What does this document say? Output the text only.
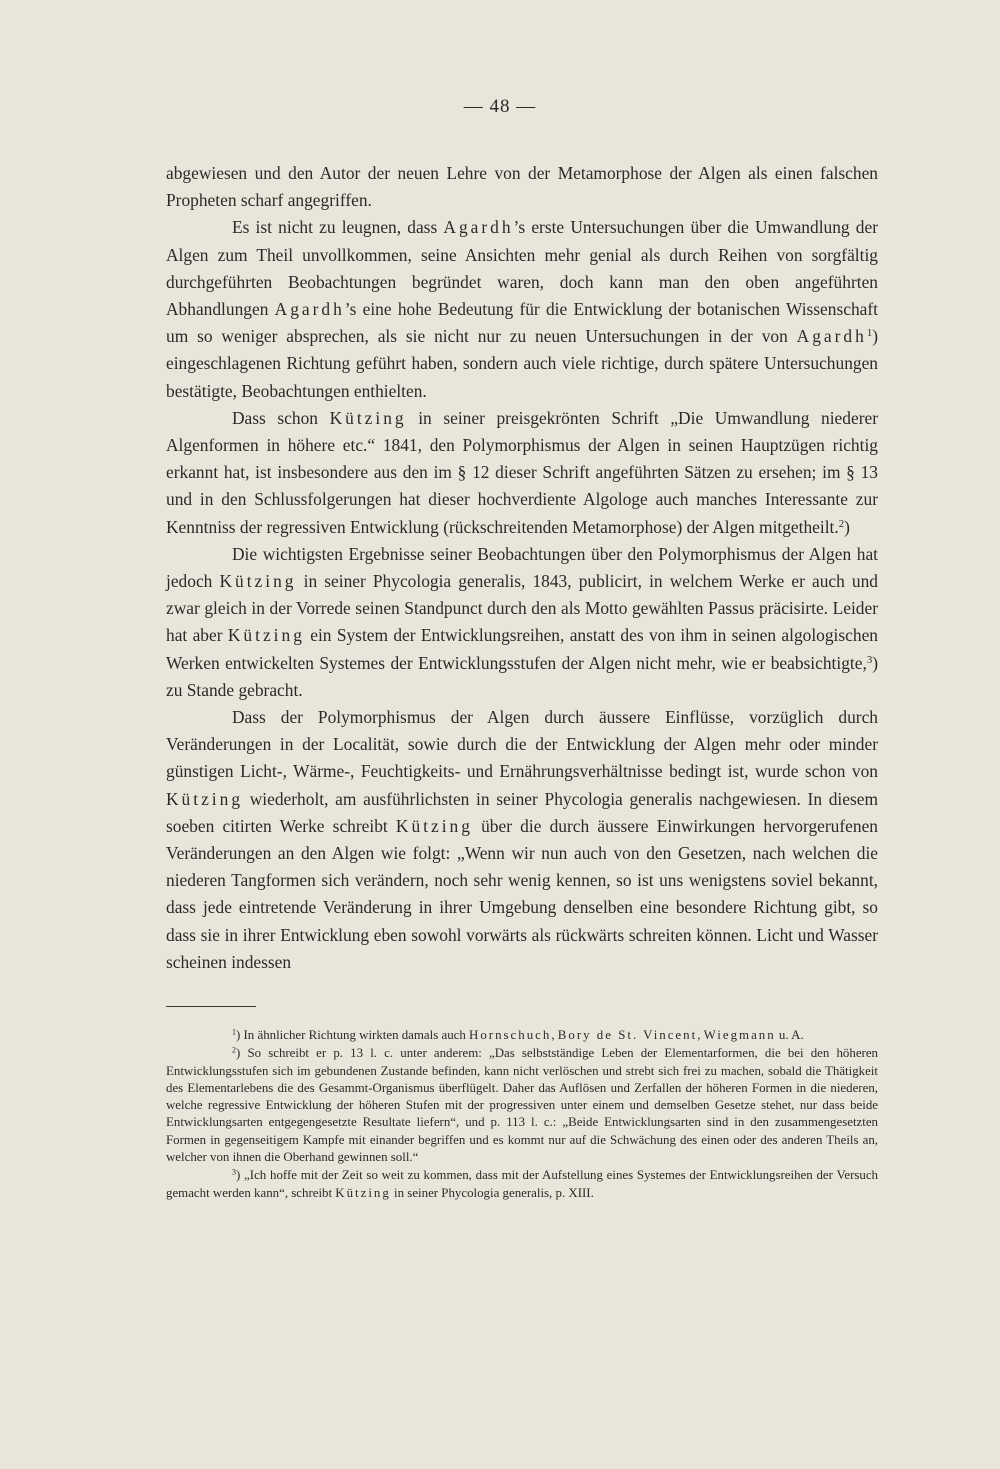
— 48 —

abgewiesen und den Autor der neuen Lehre von der Metamorphose der Algen als einen falschen Propheten scharf angegriffen.

Es ist nicht zu leugnen, dass Agardh’s erste Untersuchungen über die Umwandlung der Algen zum Theil unvollkommen, seine Ansichten mehr genial als durch Reihen von sorgfältig durchgeführten Beobachtungen begründet waren, doch kann man den oben angeführten Abhandlungen Agardh’s eine hohe Bedeutung für die Entwicklung der botanischen Wissenschaft um so weniger absprechen, als sie nicht nur zu neuen Untersuchungen in der von Agardh$^1$) eingeschlagenen Richtung geführt haben, sondern auch viele richtige, durch spätere Untersuchungen bestätigte, Beobachtungen enthielten.

Dass schon Kützing in seiner preisgekrönten Schrift „Die Umwandlung niederer Algenformen in höhere etc.“ 1841, den Polymorphismus der Algen in seinen Hauptzügen richtig erkannt hat, ist insbesondere aus den im § 12 dieser Schrift angeführten Sätzen zu ersehen; im § 13 und in den Schlussfolgerungen hat dieser hochverdiente Algologe auch manches Interessante zur Kenntniss der regressiven Entwicklung (rückschreitenden Metamorphose) der Algen mitgetheilt.$^2$)

Die wichtigsten Ergebnisse seiner Beobachtungen über den Polymorphismus der Algen hat jedoch Kützing in seiner Phycologia generalis, 1843, publicirt, in welchem Werke er auch und zwar gleich in der Vorrede seinen Standpunct durch den als Motto gewählten Passus präcisirte. Leider hat aber Kützing ein System der Entwicklungsreihen, anstatt des von ihm in seinen algologischen Werken entwickelten Systemes der Entwicklungsstufen der Algen nicht mehr, wie er beabsichtigte,$^3$) zu Stande gebracht.

Dass der Polymorphismus der Algen durch äussere Einflüsse, vorzüglich durch Veränderungen in der Localität, sowie durch die der Entwicklung der Algen mehr oder minder günstigen Licht-, Wärme-, Feuchtigkeits- und Ernährungsverhältnisse bedingt ist, wurde schon von Kützing wiederholt, am ausführlichsten in seiner Phycologia generalis nachgewiesen. In diesem soeben citirten Werke schreibt Kützing über die durch äussere Einwirkungen hervorgerufenen Veränderungen an den Algen wie folgt: „Wenn wir nun auch von den Gesetzen, nach welchen die niederen Tangformen sich verändern, noch sehr wenig kennen, so ist uns wenigstens soviel bekannt, dass jede eintretende Veränderung in ihrer Umgebung denselben eine besondere Richtung gibt, so dass sie in ihrer Entwicklung eben sowohl vorwärts als rückwärts schreiten können. Licht und Wasser scheinen indessen

$^1$) In ähnlicher Richtung wirkten damals auch Hornschuch, Bory de St. Vincent, Wiegmann u. A.

$^2$) So schreibt er p. 13 l. c. unter anderem: „Das selbstständige Leben der Elementarformen, die bei den höheren Entwicklungsstufen sich im gebundenen Zustande befinden, kann nicht verlöschen und strebt sich frei zu machen, sobald die Thätigkeit des Elementarlebens die des Gesammt-Organismus überflügelt. Daher das Auflösen und Zerfallen der höheren Formen in die niederen, welche regressive Entwicklung der höheren Stufen mit der progressiven unter einem und demselben Gesetze stehet, nur dass beide Entwicklungsarten entgegengesetzte Resultate liefern“, und p. 113 l. c.: „Beide Entwicklungsarten sind in den zusammengesetzten Formen in gegenseitigem Kampfe mit einander begriffen und es kommt nur auf die Schwächung des einen oder des anderen Theils an, welcher von ihnen die Oberhand gewinnen soll.“

$^3$) „Ich hoffe mit der Zeit so weit zu kommen, dass mit der Aufstellung eines Systemes der Entwicklungsreihen der Versuch gemacht werden kann“, schreibt Kützing in seiner Phycologia generalis, p. XIII.
